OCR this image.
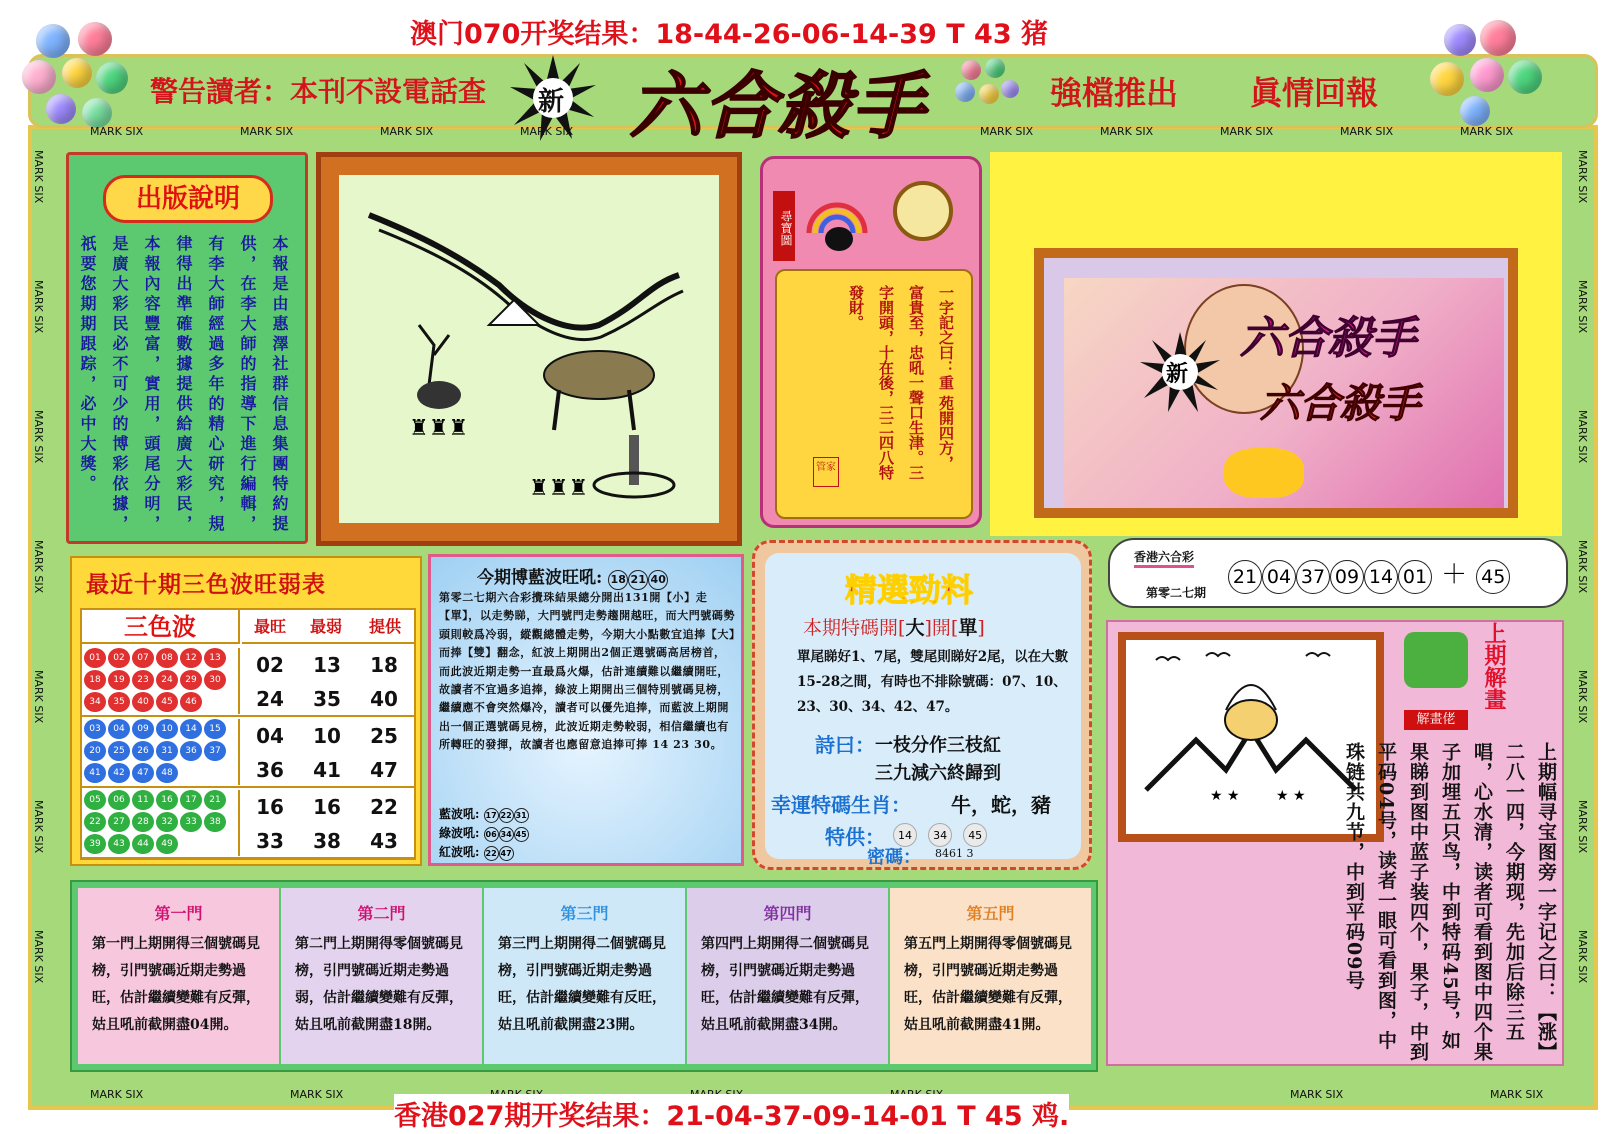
澳门070开奖结果：18-44-26-06-14-39 T 43 猪
警告讀者：本刊不設電話查 新 六合殺手	強檔推出 眞情回報
MARK SIX	MARK SIX	MARK SIX	MARK SIX	MARK SIX	MARK SIX	MARK SIX	MARK SIX	MARK SIX
MARK SIX	MARK SIX	MARK SIX	MARK SIX
MARK SIX
MARK SIX
MARK SIX
MARK SIX
MARK SIX
MARK SIX
MARK SIX
MARK SIX
MARK SIX
MARK SIX
MARK SIX
MARK SIX
MARK SIX
MARK SIX
出版說明
本報是由惠澤社群信息集團特約提供，在李大師的指導下進行編輯，有李大師經過多年的精心研究，規律得出準確數據提供給廣大彩民，本報內容豐富，實用，頭尾分明，是廣大彩民必不可少的博彩依據，祇要您期期跟踪，必中大獎。	♜♜♜
♜♜♜
尋寶圖
一字記之曰：重 苑開四方，富貴至，忠吼一聲口生津。三字開頭，十在後，三二四八特發財。
管家
新
六合殺手
六合殺手
最近十期三色波旺弱表
三色波	最旺	最弱	提供
01	02	07	08	12	13
18	19	23	24	29	30
34	35	40	45	46
02	13	18
24	35	40
03	04	09	10	14	15
20	25	26	31	36	37
41	42	47	48
04	10	25
36	41	47
05	06	11	16	17	21
22	27	28	32	33	38
39	43	44	49
16	16	22
33	38	43
今期博藍波旺吼: 18 21 40
第零二七期六合彩攪珠結果總分開出131開【小】走【單】，以走勢睇，大門號門走勢趨開越旺，而大門號碼勢頭則較爲冷弱，縱觀總體走勢，今期大小點數宜追捧【大】而捧【雙】翻念，紅波上期開出2個正選號碼高居榜首，而此波近期走勢一直最爲火爆，估計連續難以繼續開旺，故讀者不宜過多追捧，綠波上期開出三個特別號碼見榜，繼續應不會突然爆冷，讀者可以優先追捧，而藍波上期開出一個正選號碼見榜，此波近期走勢較弱，相信繼續也有所轉旺的發揮，故讀者也應留意追捧可捧 14 23 30。
藍波吼: 17 22 31
綠波吼: 06 34 45
紅波吼: 22 47
精選勁料
本期特碼開[大]開[單]
單尾睇好1、7尾，雙尾則睇好2尾，以在大數15-28之間，有時也不排除號碼：07、10、23、30、34、42、47。
詩曰： 一枝分作三枝紅
三九減六終歸到
幸運特碼生肖： 牛，蛇，豬
特供：	14 34 45
密碼： 8461 3
香港六合彩
第零二七期
21 04 37 09 14 01 ＋ 45
★ ★	★ ★
上期解畫
解畫佬
上期幅寻宝图旁一字记之曰：【涨】二八一四，今期现，先加后除三五唱，心水清，读者可看到图中四个果子加埋五只鸟，中到特码45号，如果睇到图中蓝子装四个，果子，中到平码04号，读者一眼可看到图，中珠链共九节，中到平码09号
第一門
第一門上期開得三個號碼見榜，引門號碼近期走勢過旺，估計繼續變難有反彈，姑且吼前截開盡04開。
第二門
第二門上期開得零個號碼見榜，引門號碼近期走勢過弱，估計繼續變難有反彈，姑且吼前截開盡18開。
第三門
第三門上期開得二個號碼見榜，引門號碼近期走勢過旺，估計繼續變難有反旺，姑且吼前截開盡23開。
第四門
第四門上期開得二個號碼見榜，引門號碼近期走勢過旺，估計繼續變難有反彈，姑且吼前截開盡34開。
第五門
第五門上期開得零個號碼見榜，引門號碼近期走勢過旺，估計繼續變難有反彈，姑且吼前截開盡41開。
香港027期开奖结果：21-04-37-09-14-01 T 45 鸡.
